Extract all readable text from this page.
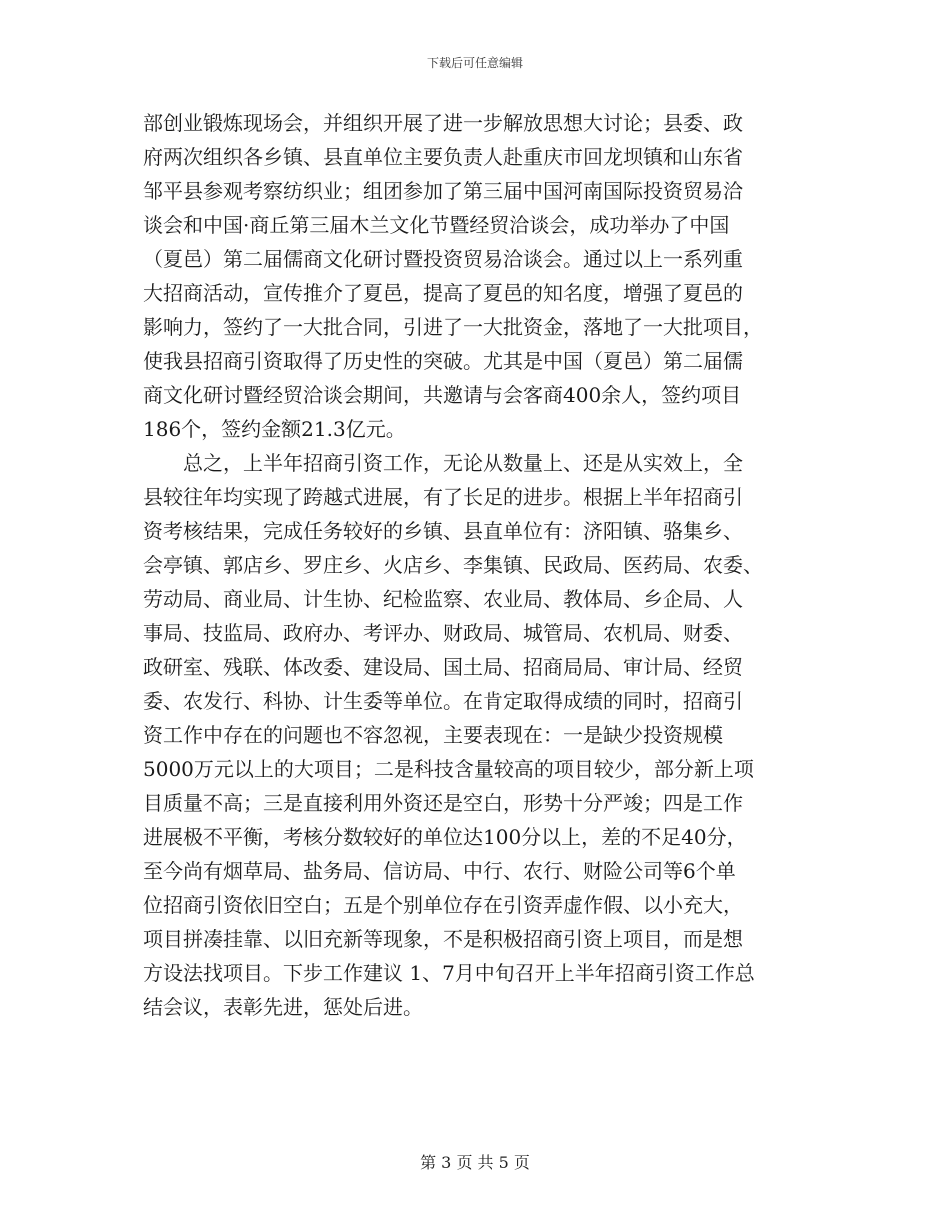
下载后可任意编辑
部创业锻炼现场会，并组织开展了进一步解放思想大讨论；县委、政
府两次组织各乡镇、县直单位主要负责人赴重庆市回龙坝镇和山东省
邹平县参观考察纺织业；组团参加了第三届中国河南国际投资贸易洽
谈会和中国·商丘第三届木兰文化节暨经贸洽谈会，成功举办了中国
（夏邑）第二届儒商文化研讨暨投资贸易洽谈会。通过以上一系列重
大招商活动，宣传推介了夏邑，提高了夏邑的知名度，增强了夏邑的
影响力，签约了一大批合同，引进了一大批资金，落地了一大批项目，
使我县招商引资取得了历史性的突破。尤其是中国（夏邑）第二届儒
商文化研讨暨经贸洽谈会期间，共邀请与会客商400余人，签约项目
186个，签约金额21.3亿元。
总之，上半年招商引资工作，无论从数量上、还是从实效上，全
县较往年均实现了跨越式进展，有了长足的进步。根据上半年招商引
资考核结果，完成任务较好的乡镇、县直单位有：济阳镇、骆集乡、
会亭镇、郭店乡、罗庄乡、火店乡、李集镇、民政局、医药局、农委、
劳动局、商业局、计生协、纪检监察、农业局、教体局、乡企局、人
事局、技监局、政府办、考评办、财政局、城管局、农机局、财委、
政研室、残联、体改委、建设局、国土局、招商局局、审计局、经贸
委、农发行、科协、计生委等单位。在肯定取得成绩的同时，招商引
资工作中存在的问题也不容忽视，主要表现在：一是缺少投资规模
5000万元以上的大项目；二是科技含量较高的项目较少，部分新上项
目质量不高；三是直接利用外资还是空白，形势十分严竣；四是工作
进展极不平衡，考核分数较好的单位达100分以上，差的不足40分，
至今尚有烟草局、盐务局、信访局、中行、农行、财险公司等6个单
位招商引资依旧空白；五是个别单位存在引资弄虚作假、以小充大，
项目拼凑挂靠、以旧充新等现象，不是积极招商引资上项目，而是想
方设法找项目。下步工作建议 1、7月中旬召开上半年招商引资工作总
结会议，表彰先进，惩处后进。
第 3 页 共 5 页
